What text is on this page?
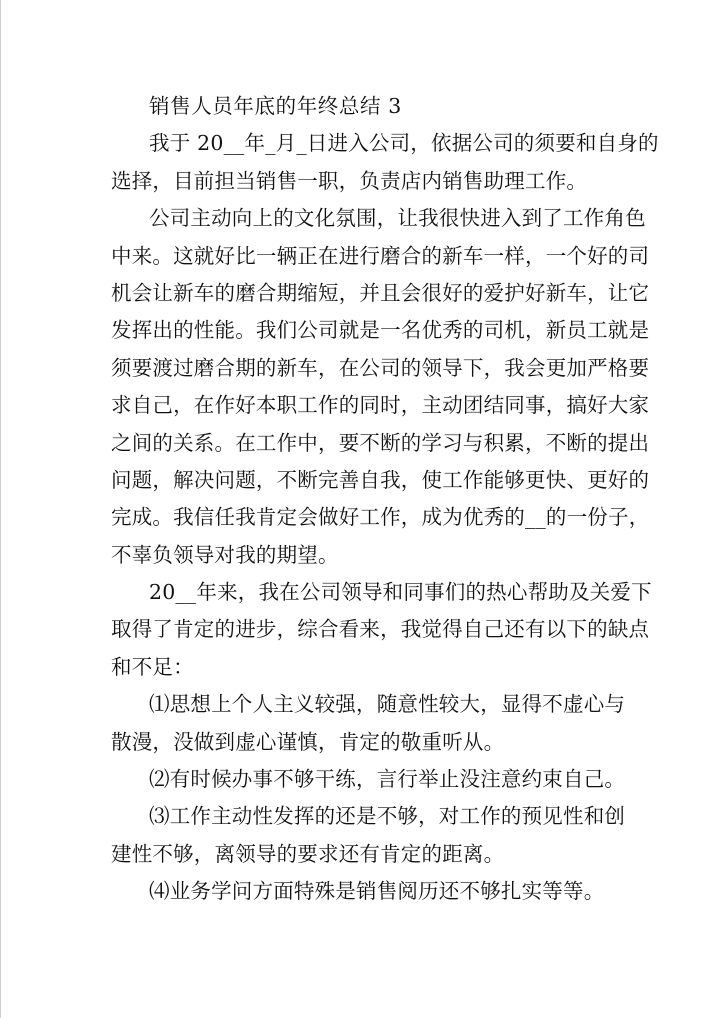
销售人员年底的年终总结 3
我于 20__年_月_日进入公司，依据公司的须要和自身的
选择，目前担当销售一职，负责店内销售助理工作。
公司主动向上的文化氛围，让我很快进入到了工作角色
中来。这就好比一辆正在进行磨合的新车一样，一个好的司
机会让新车的磨合期缩短，并且会很好的爱护好新车，让它
发挥出的性能。我们公司就是一名优秀的司机，新员工就是
须要渡过磨合期的新车，在公司的领导下，我会更加严格要
求自己，在作好本职工作的同时，主动团结同事，搞好大家
之间的关系。在工作中，要不断的学习与积累，不断的提出
问题，解决问题，不断完善自我，使工作能够更快、更好的
完成。我信任我肯定会做好工作，成为优秀的__的一份子，
不辜负领导对我的期望。
20__年来，我在公司领导和同事们的热心帮助及关爱下
取得了肯定的进步，综合看来，我觉得自己还有以下的缺点
和不足：
⑴思想上个人主义较强，随意性较大，显得不虚心与
散漫，没做到虚心谨慎，肯定的敬重听从。
⑵有时候办事不够干练，言行举止没注意约束自己。
⑶工作主动性发挥的还是不够，对工作的预见性和创
建性不够，离领导的要求还有肯定的距离。
⑷业务学问方面特殊是销售阅历还不够扎实等等。
